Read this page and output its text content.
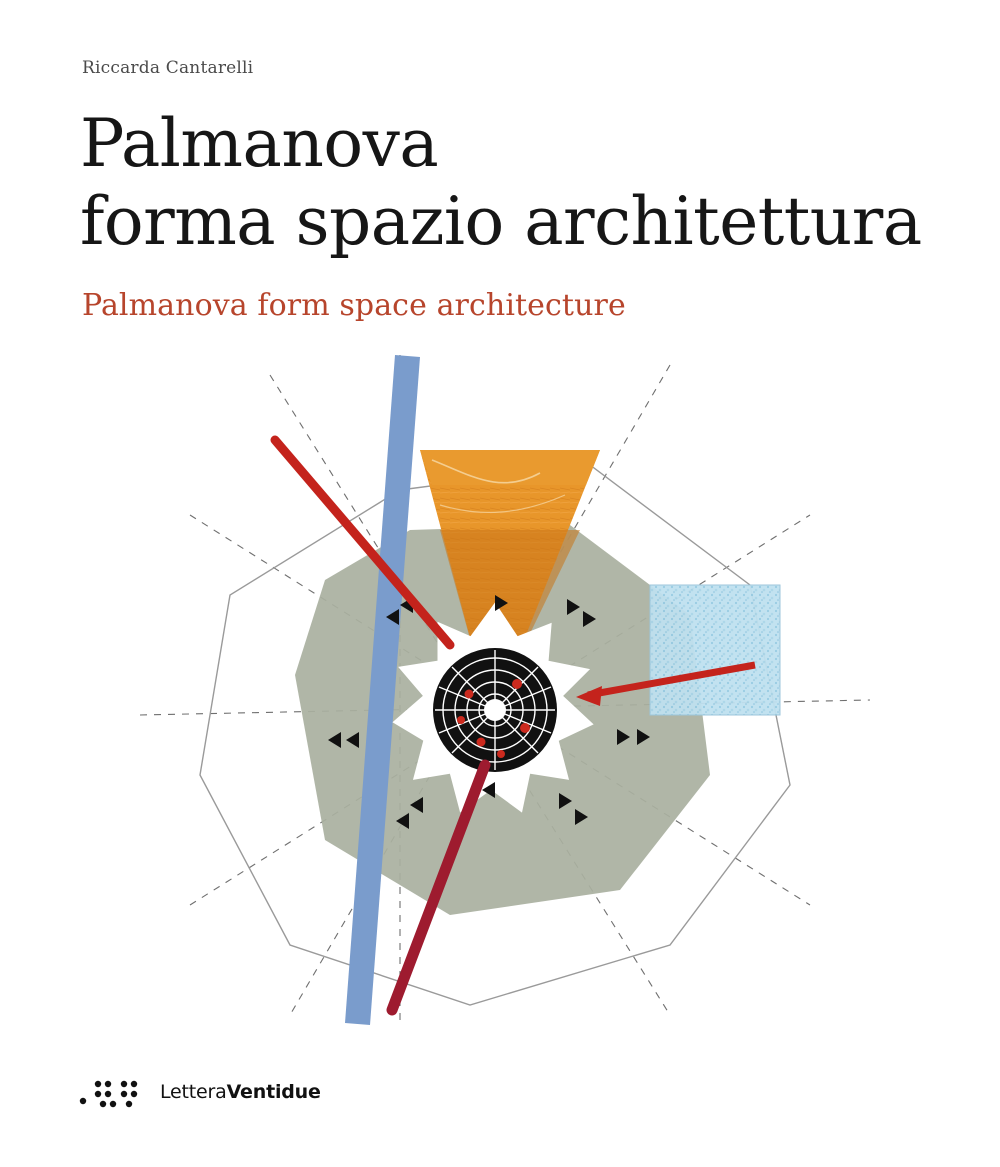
Riccarda Cantarelli
Palmanova
forma spazio architettura
Palmanova form space architecture
LetteraVentidue
